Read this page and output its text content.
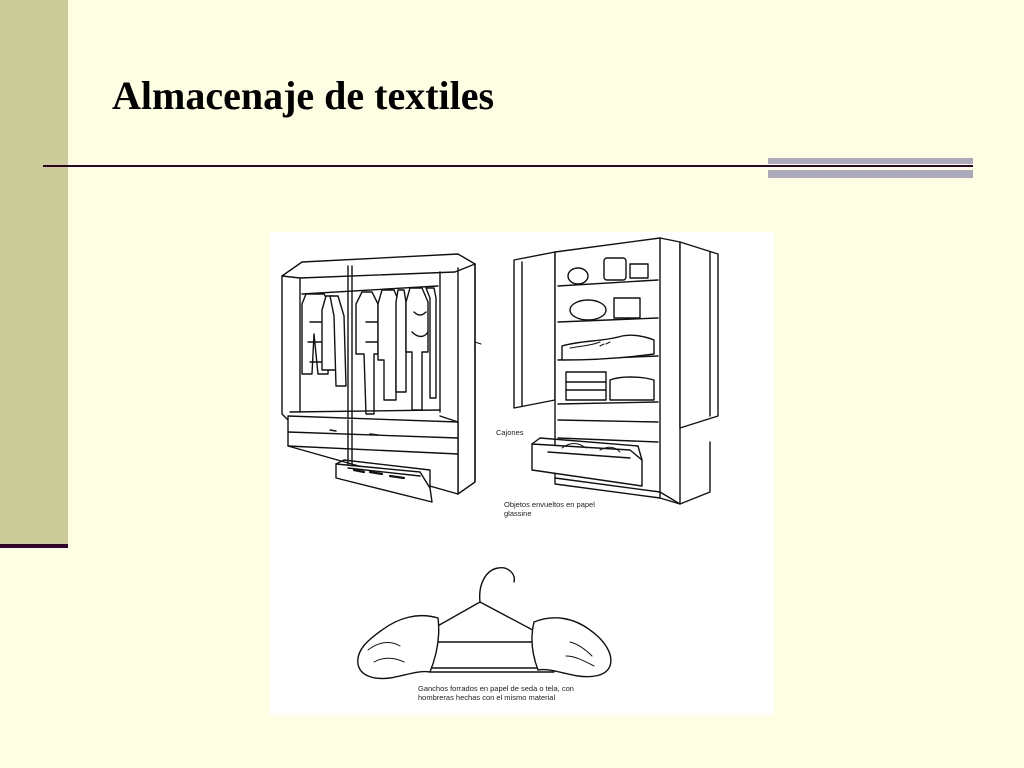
Almacenaje de textiles
Cajones
Objetos envueltos en papel glassine
Ganchos forrados en papel de seda o tela, con hombreras hechas con el mismo material
